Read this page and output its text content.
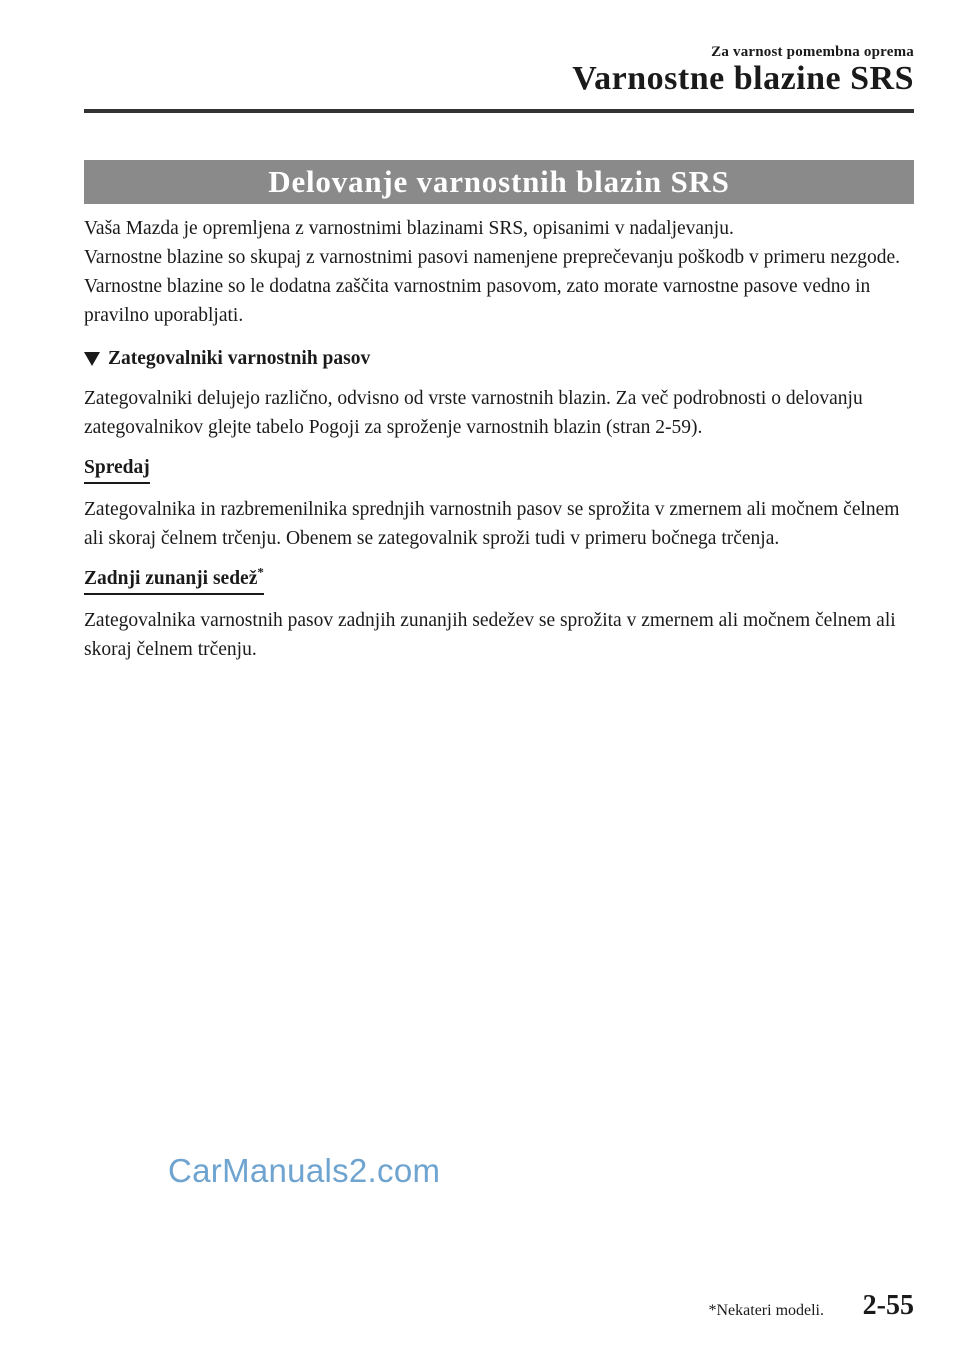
Za varnost pomembna oprema
Varnostne blazine SRS
Delovanje varnostnih blazin SRS

Vaša Mazda je opremljena z varnostnimi blazinami SRS, opisanimi v nadaljevanju.

Varnostne blazine so skupaj z varnostnimi pasovi namenjene preprečevanju poškodb v primeru nezgode.

Varnostne blazine so le dodatna zaščita varnostnim pasovom, zato morate varnostne pasove vedno in pravilno uporabljati.

Zategovalniki varnostnih pasov

Zategovalniki delujejo različno, odvisno od vrste varnostnih blazin. Za več podrobnosti o delovanju zategovalnikov glejte tabelo Pogoji za sproženje varnostnih blazin (stran 2-59).

Spredaj

Zategovalnika in razbremenilnika sprednjih varnostnih pasov se sprožita v zmernem ali močnem čelnem ali skoraj čelnem trčenju. Obenem se zategovalnik sproži tudi v primeru bočnega trčenja.

Zadnji zunanji sedež*

Zategovalnika varnostnih pasov zadnjih zunanjih sedežev se sprožita v zmernem ali močnem čelnem ali skoraj čelnem trčenju.

CarManuals2.com
*Nekateri modeli. 2-55
